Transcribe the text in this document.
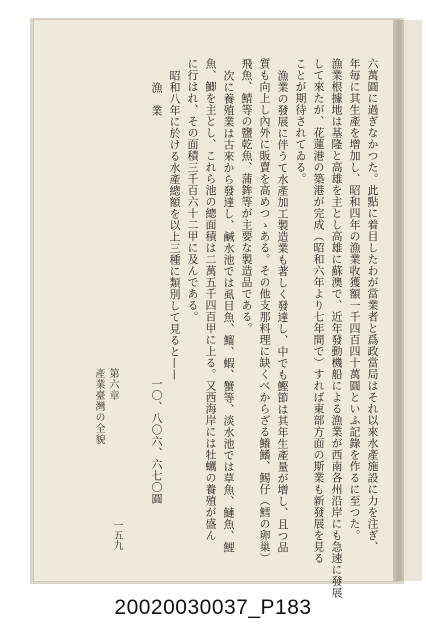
第六章
產業臺灣の全貌	六萬圓に過ぎなかつた。此點に着目したわが當業者と爲政當局はそれ以來水產施設に力を注ぎ、
年毎に其生產を增加し、昭和四年の漁業收獲額一千四百四十萬圓といふ記錄を作るに至つた。
漁業根據地は基隆と高雄を主とし高雄に蘇澳で、近年發動機船による漁業が西南各州沿岸にも急速に發展
して來たが、花蓮港の築港が完成（昭和六年より七年間で）すれば東部方面の斯業も新發展を見る
ことが期待されてゐる。
漁業の發展に伴うて水產加工製造業も著しく發達し、中でも鰹節は其年生產量が增し、且つ品
質も向上し內外に販賣を高めつゝある。その他支那料理に缺くべからざる鱶鰭、鯣仔（鱈の卵巢）
飛魚、鯖等の鹽乾魚、蒲鉾等が主要な製造品である。
次に養殖業は古來から發達し、鹹水池では虱目魚、鰡、蝦、蟹等、淡水池では草魚、鰱魚、鯉
魚、鯽を主とし、これら池の總面積は二萬五千四百甲に上る。又西海岸には牡蠣の養殖が盛ん
に行はれ、その面積三千百六十二甲に及んである。
昭和八年に於ける水產總額を以上三種に類別して見ると——
漁　業
一〇、八〇六、六七〇圓
一五九
20020030037_P183
